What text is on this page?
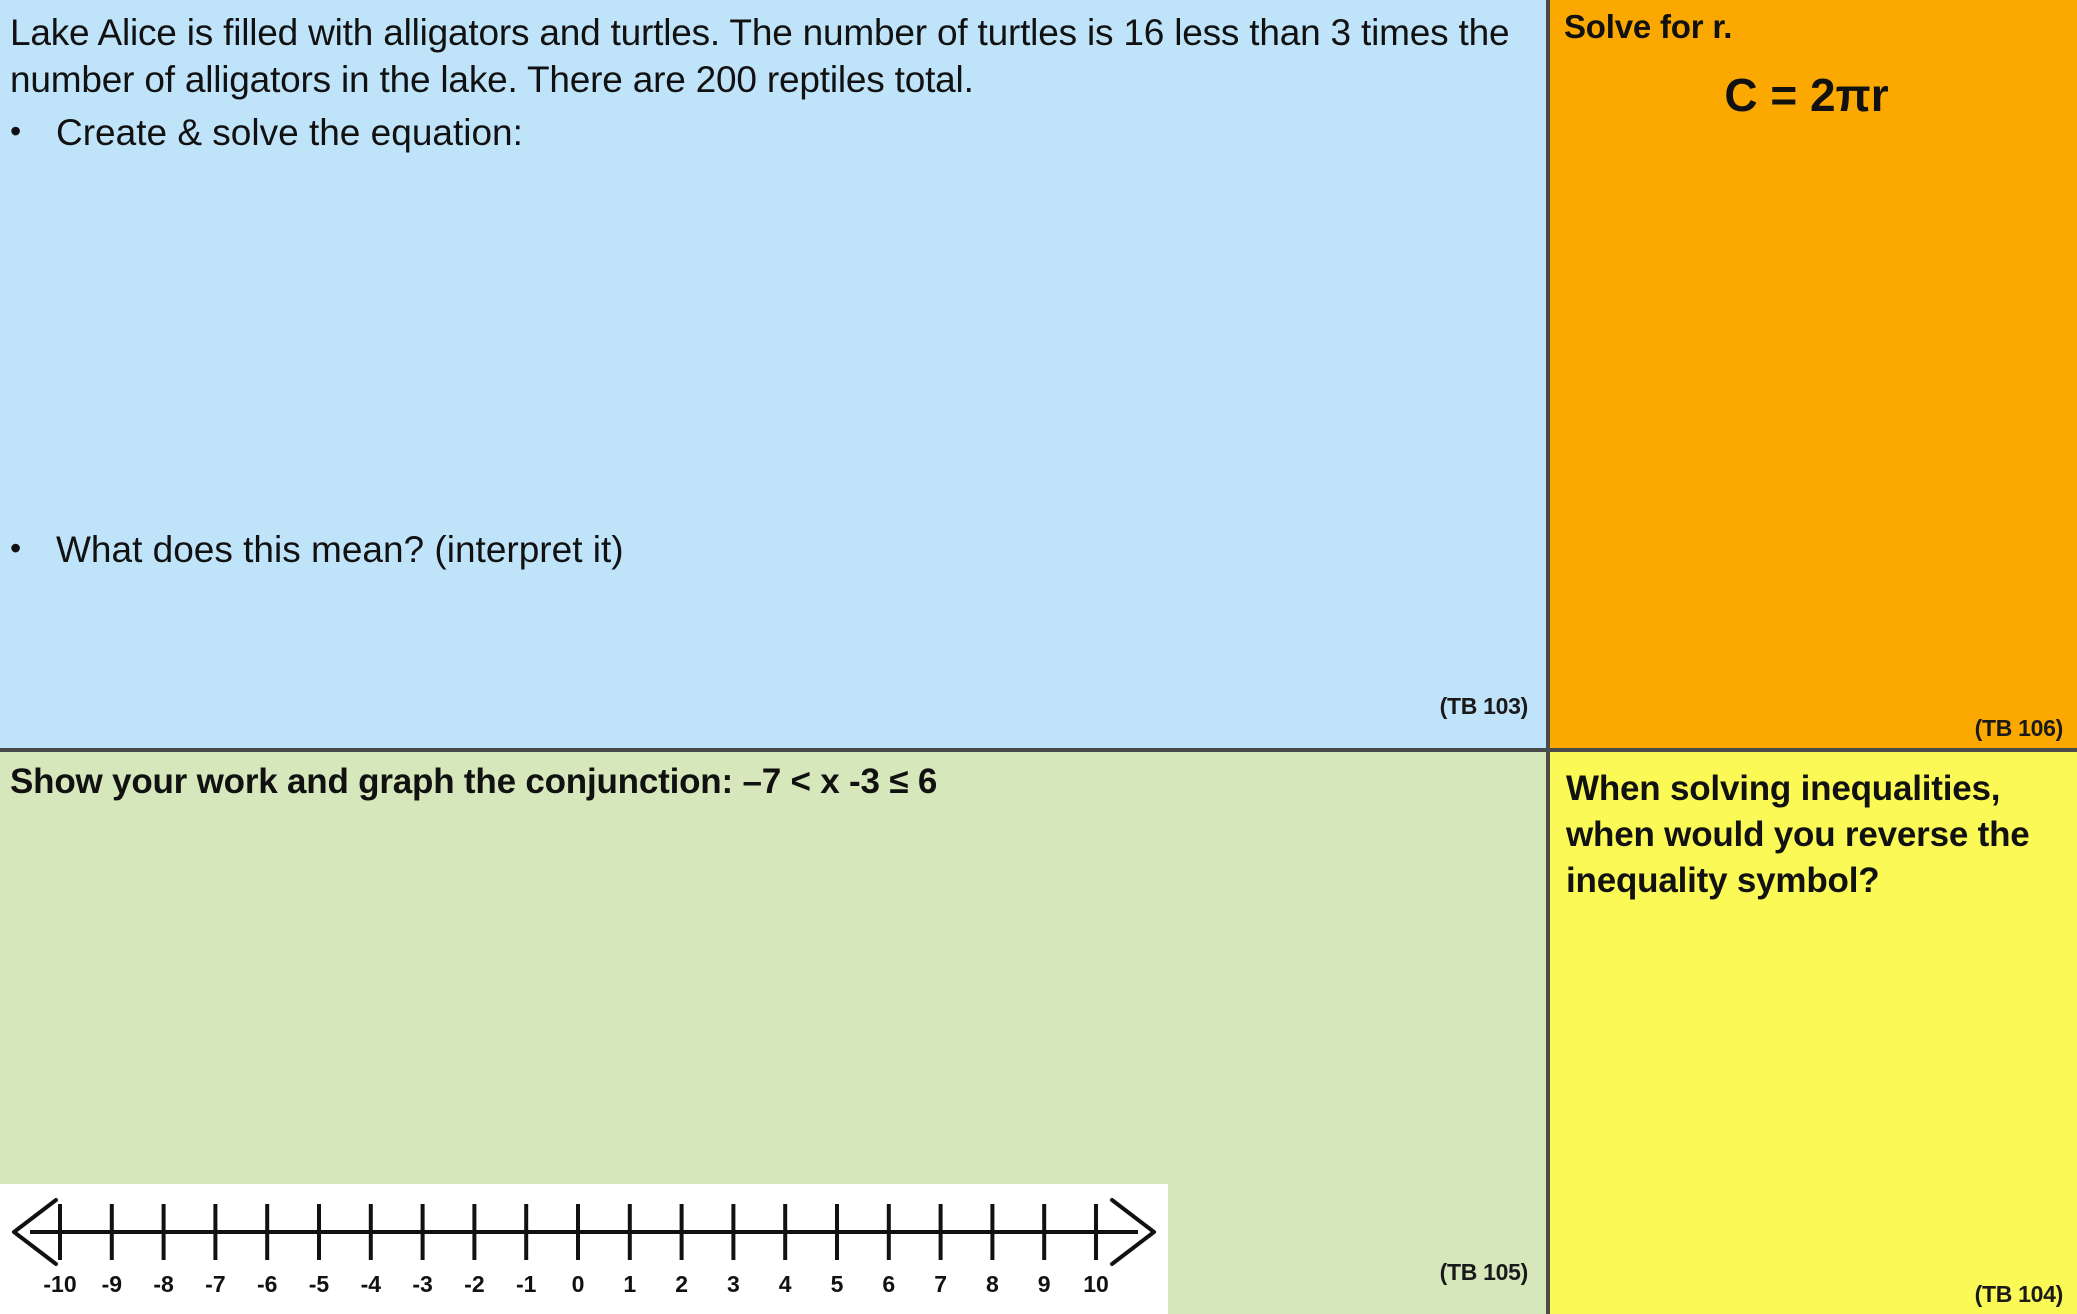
Lake Alice is filled with alligators and turtles. The number of turtles is 16 less than 3 times the number of alligators in the lake. There are 200 reptiles total.
• Create & solve the equation:
• What does this mean? (interpret it)
(TB 103)
Solve for r.
C = 2πr
(TB 106)
Show your work and graph the conjunction: –7 < x -3 ≤ 6
-10 -9 -8 -7 -6 -5 -4 -3 -2 -1 0 1 2 3 4 5 6 7 8 9 10	(TB 105)
When solving inequalities, when would you reverse the inequality symbol?
(TB 104)
